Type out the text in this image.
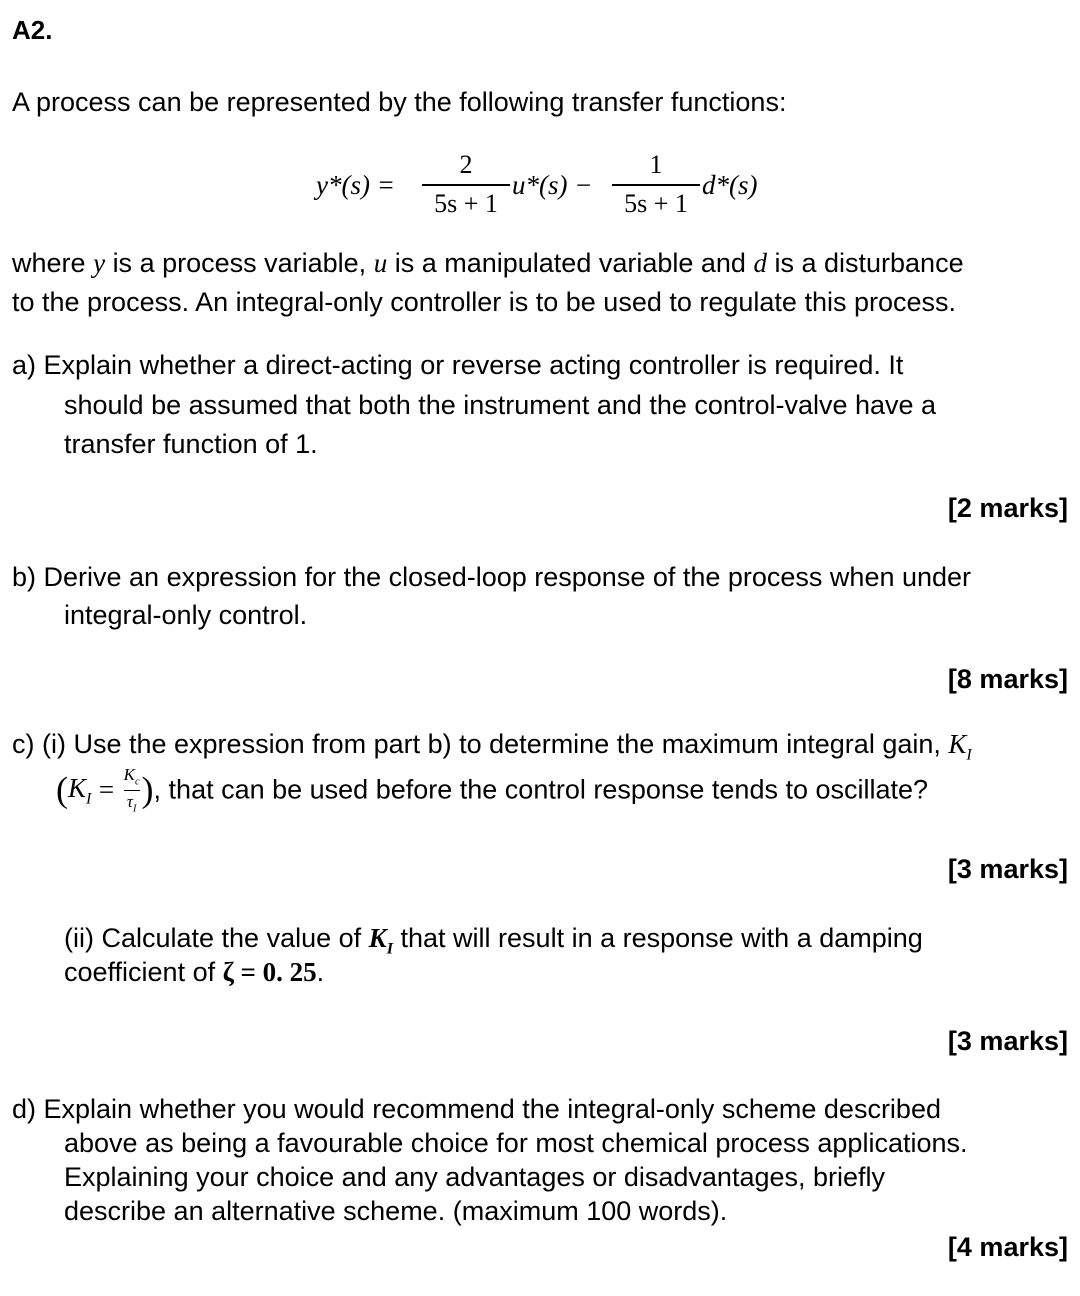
A2.
A process can be represented by the following transfer functions:
y*(s) =
2
5s + 1
u*(s) −
1
5s + 1
d*(s)
where y is a process variable, u is a manipulated variable and d is a disturbance
to the process. An integral-only controller is to be used to regulate this process.
a) Explain whether a direct-acting or reverse acting controller is required. It
should be assumed that both the instrument and the control-valve have a
transfer function of 1.
[2 marks]
b) Derive an expression for the closed-loop response of the process when under
integral-only control.
[8 marks]
c) (i) Use the expression from part b) to determine the maximum integral gain, $K_I$
$(K_I = \frac{K_c}{\tau_I})$, that can be used before the control response tends to oscillate?
[3 marks]
(ii) Calculate the value of $K_I$ that will result in a response with a damping
coefficient of ζ = 0. 25.
[3 marks]
d) Explain whether you would recommend the integral-only scheme described
above as being a favourable choice for most chemical process applications.
Explaining your choice and any advantages or disadvantages, briefly
describe an alternative scheme. (maximum 100 words).
[4 marks]
